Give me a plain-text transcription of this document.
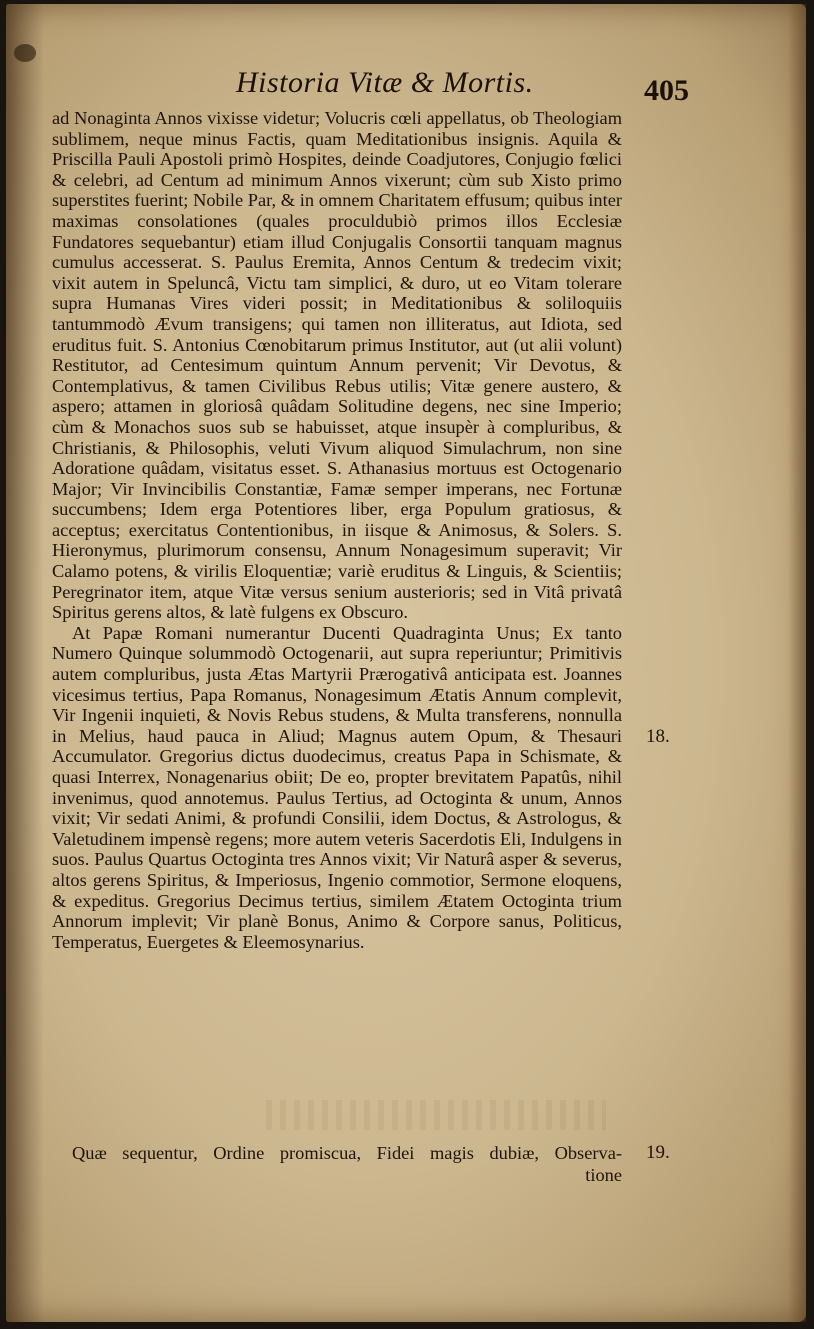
Historia Vitæ & Mortis.	405

ad Nonaginta Annos vixisse videtur; Volucris cœli appellatus, ob Theologiam sublimem, neque minus Factis, quam Meditationibus insignis. Aquila & Priscilla Pauli Apostoli primò Hospites, deinde Coadjutores, Conjugio fœlici & celebri, ad Centum ad minimum Annos vixerunt; cùm sub Xisto primo superstites fuerint; Nobile Par, & in omnem Charitatem effusum; quibus inter maximas consolationes (quales proculdubiò primos illos Ecclesiæ Fundatores sequebantur) etiam illud Conjugalis Consortii tanquam magnus cumulus accesserat. S. Paulus Eremita, Annos Centum & tredecim vixit; vixit autem in Speluncâ, Victu tam simplici, & duro, ut eo Vitam tolerare supra Humanas Vires videri possit; in Meditationibus & soliloquiis tantummodò Ævum transigens; qui tamen non illiteratus, aut Idiota, sed eruditus fuit. S. Antonius Cœnobitarum primus Institutor, aut (ut alii volunt) Restitutor, ad Centesimum quintum Annum pervenit; Vir Devotus, & Contemplativus, & tamen Civilibus Rebus utilis; Vitæ genere austero, & aspero; attamen in gloriosâ quâdam Solitudine degens, nec sine Imperio; cùm & Monachos suos sub se habuisset, atque insupèr à compluribus, & Christianis, & Philosophis, veluti Vivum aliquod Simulachrum, non sine Adoratione quâdam, visitatus esset. S. Athanasius mortuus est Octogenario Major; Vir Invincibilis Constantiæ, Famæ semper imperans, nec Fortunæ succumbens; Idem erga Potentiores liber, erga Populum gratiosus, & acceptus; exercitatus Contentionibus, in iisque & Animosus, & Solers. S. Hieronymus, plurimorum consensu, Annum Nonagesimum superavit; Vir Calamo potens, & virilis Eloquentiæ; variè eruditus & Linguis, & Scientiis; Peregrinator item, atque Vitæ versus senium austerioris; sed in Vitâ privatâ Spiritus gerens altos, & latè fulgens ex Obscuro.

At Papæ Romani numerantur Ducenti Quadraginta Unus; Ex tanto Numero Quinque solummodò Octogenarii, aut supra reperiuntur; Primitivis autem compluribus, justa Ætas Martyrii Prærogativâ anticipata est. Joannes vicesimus tertius, Papa Romanus, Nonagesimum Ætatis Annum complevit, Vir Ingenii inquieti, & Novis Rebus studens, & Multa transferens, nonnulla in Melius, haud pauca in Aliud; Magnus autem Opum, & Thesauri Accumulator. Gregorius dictus duodecimus, creatus Papa in Schismate, & quasi Interrex, Nonagenarius obiit; De eo, propter brevitatem Papatûs, nihil invenimus, quod annotemus. Paulus Tertius, ad Octoginta & unum, Annos vixit; Vir sedati Animi, & profundi Consilii, idem Doctus, & Astrologus, & Valetudinem impensè regens; more autem veteris Sacerdotis Eli, Indulgens in suos. Paulus Quartus Octoginta tres Annos vixit; Vir Naturâ asper & severus, altos gerens Spiritus, & Imperiosus, Ingenio commotior, Sermone eloquens, & expeditus. Gregorius Decimus tertius, similem Ætatem Octoginta trium Annorum implevit; Vir planè Bonus, Animo & Corpore sanus, Politicus, Temperatus, Euergetes & Eleemosynarius.

18.
Quæ sequentur, Ordine promiscua, Fidei magis dubiæ, Observa-
tione
19.
